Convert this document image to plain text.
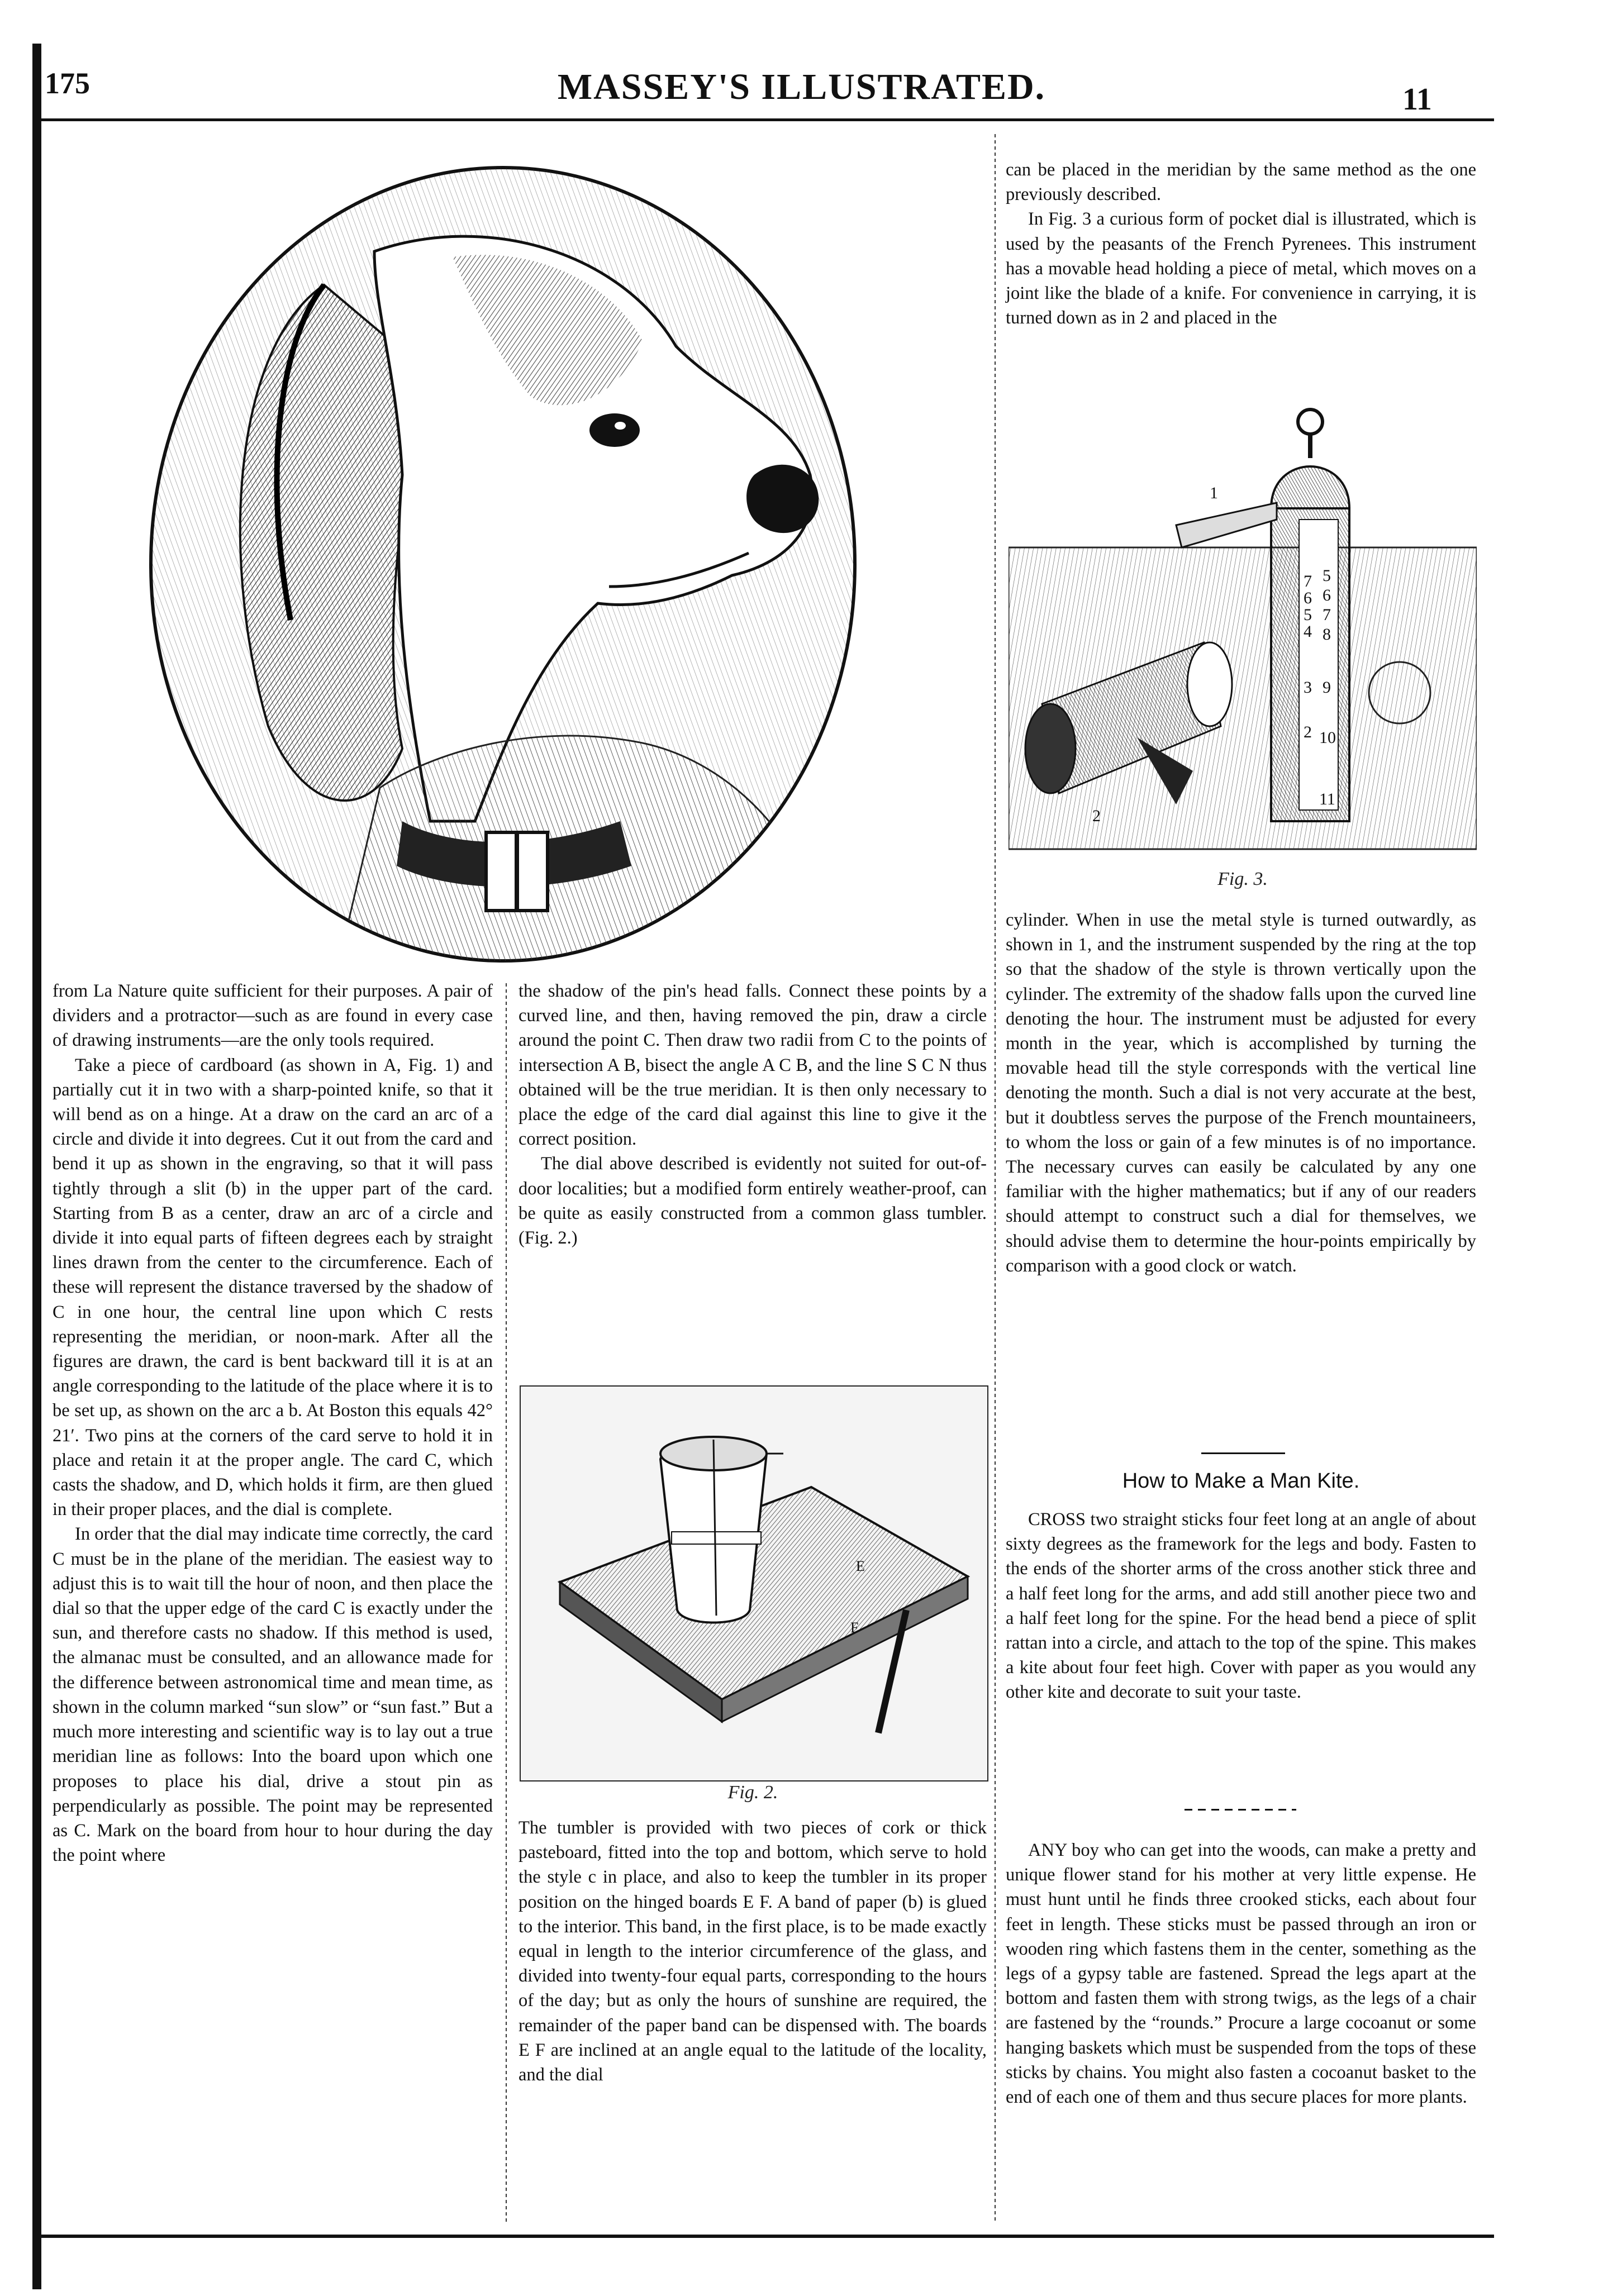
175	MASSEY'S ILLUSTRATED.	11

from La Nature quite sufficient for their purposes. A pair of dividers and a protractor—such as are found in every case of drawing instruments—are the only tools required.

Take a piece of cardboard (as shown in A, Fig. 1) and partially cut it in two with a sharp-pointed knife, so that it will bend as on a hinge. At a draw on the card an arc of a circle and divide it into degrees. Cut it out from the card and bend it up as shown in the engraving, so that it will pass tightly through a slit (b) in the upper part of the card. Starting from B as a center, draw an arc of a circle and divide it into equal parts of fifteen degrees each by straight lines drawn from the center to the circumference. Each of these will represent the distance traversed by the shadow of C in one hour, the central line upon which C rests representing the meridian, or noon-mark. After all the figures are drawn, the card is bent backward till it is at an angle corresponding to the latitude of the place where it is to be set up, as shown on the arc a b. At Boston this equals 42° 21′. Two pins at the corners of the card serve to hold it in place and retain it at the proper angle. The card C, which casts the shadow, and D, which holds it firm, are then glued in their proper places, and the dial is complete.

In order that the dial may indicate time correctly, the card C must be in the plane of the meridian. The easiest way to adjust this is to wait till the hour of noon, and then place the dial so that the upper edge of the card C is exactly under the sun, and therefore casts no shadow. If this method is used, the almanac must be consulted, and an allowance made for the difference between astronomical time and mean time, as shown in the column marked “sun slow” or “sun fast.” But a much more interesting and scientific way is to lay out a true meridian line as follows: Into the board upon which one proposes to place his dial, drive a stout pin as perpendicularly as possible. The point may be represented as C. Mark on the board from hour to hour during the day the point where

the shadow of the pin's head falls. Connect these points by a curved line, and then, having removed the pin, draw a circle around the point C. Then draw two radii from C to the points of intersection A B, bisect the angle A C B, and the line S C N thus obtained will be the true meridian. It is then only necessary to place the edge of the card dial against this line to give it the correct position.

The dial above described is evidently not suited for out-of-door localities; but a modified form entirely weather-proof, can be quite as easily constructed from a common glass tumbler. (Fig. 2.)

E
F
Fig. 2.

The tumbler is provided with two pieces of cork or thick pasteboard, fitted into the top and bottom, which serve to hold the style c in place, and also to keep the tumbler in its proper position on the hinged boards E F. A band of paper (b) is glued to the interior. This band, in the first place, is to be made exactly equal in length to the interior circumference of the glass, and divided into twenty-four equal parts, corresponding to the hours of the day; but as only the hours of sunshine are required, the remainder of the paper band can be dispensed with. The boards E F are inclined at an angle equal to the latitude of the locality, and the dial

can be placed in the meridian by the same method as the one previously described.

In Fig. 3 a curious form of pocket dial is illustrated, which is used by the peasants of the French Pyrenees. This instrument has a movable head holding a piece of metal, which moves on a joint like the blade of a knife. For convenience in carrying, it is turned down as in 2 and placed in the

1
2
7
6
5
4
3
2
5
6
7
8
9
10
11
Fig. 3.

cylinder. When in use the metal style is turned outwardly, as shown in 1, and the instrument suspended by the ring at the top so that the shadow of the style is thrown vertically upon the cylinder. The extremity of the shadow falls upon the curved line denoting the hour. The instrument must be adjusted for every month in the year, which is accomplished by turning the movable head till the style corresponds with the vertical line denoting the month. Such a dial is not very accurate at the best, but it doubtless serves the purpose of the French mountaineers, to whom the loss or gain of a few minutes is of no importance. The necessary curves can easily be calculated by any one familiar with the higher mathematics; but if any of our readers should attempt to construct such a dial for themselves, we should advise them to determine the hour-points empirically by comparison with a good clock or watch.

How to Make a Man Kite.

CROSS two straight sticks four feet long at an angle of about sixty degrees as the framework for the legs and body. Fasten to the ends of the shorter arms of the cross another stick three and a half feet long for the arms, and add still another piece two and a half feet long for the spine. For the head bend a piece of split rattan into a circle, and attach to the top of the spine. This makes a kite about four feet high. Cover with paper as you would any other kite and decorate to suit your taste.

ANY boy who can get into the woods, can make a pretty and unique flower stand for his mother at very little expense. He must hunt until he finds three crooked sticks, each about four feet in length. These sticks must be passed through an iron or wooden ring which fastens them in the center, something as the legs of a gypsy table are fastened. Spread the legs apart at the bottom and fasten them with strong twigs, as the legs of a chair are fastened by the “rounds.” Procure a large cocoanut or some hanging baskets which must be suspended from the tops of these sticks by chains. You might also fasten a cocoanut basket to the end of each one of them and thus secure places for more plants.
